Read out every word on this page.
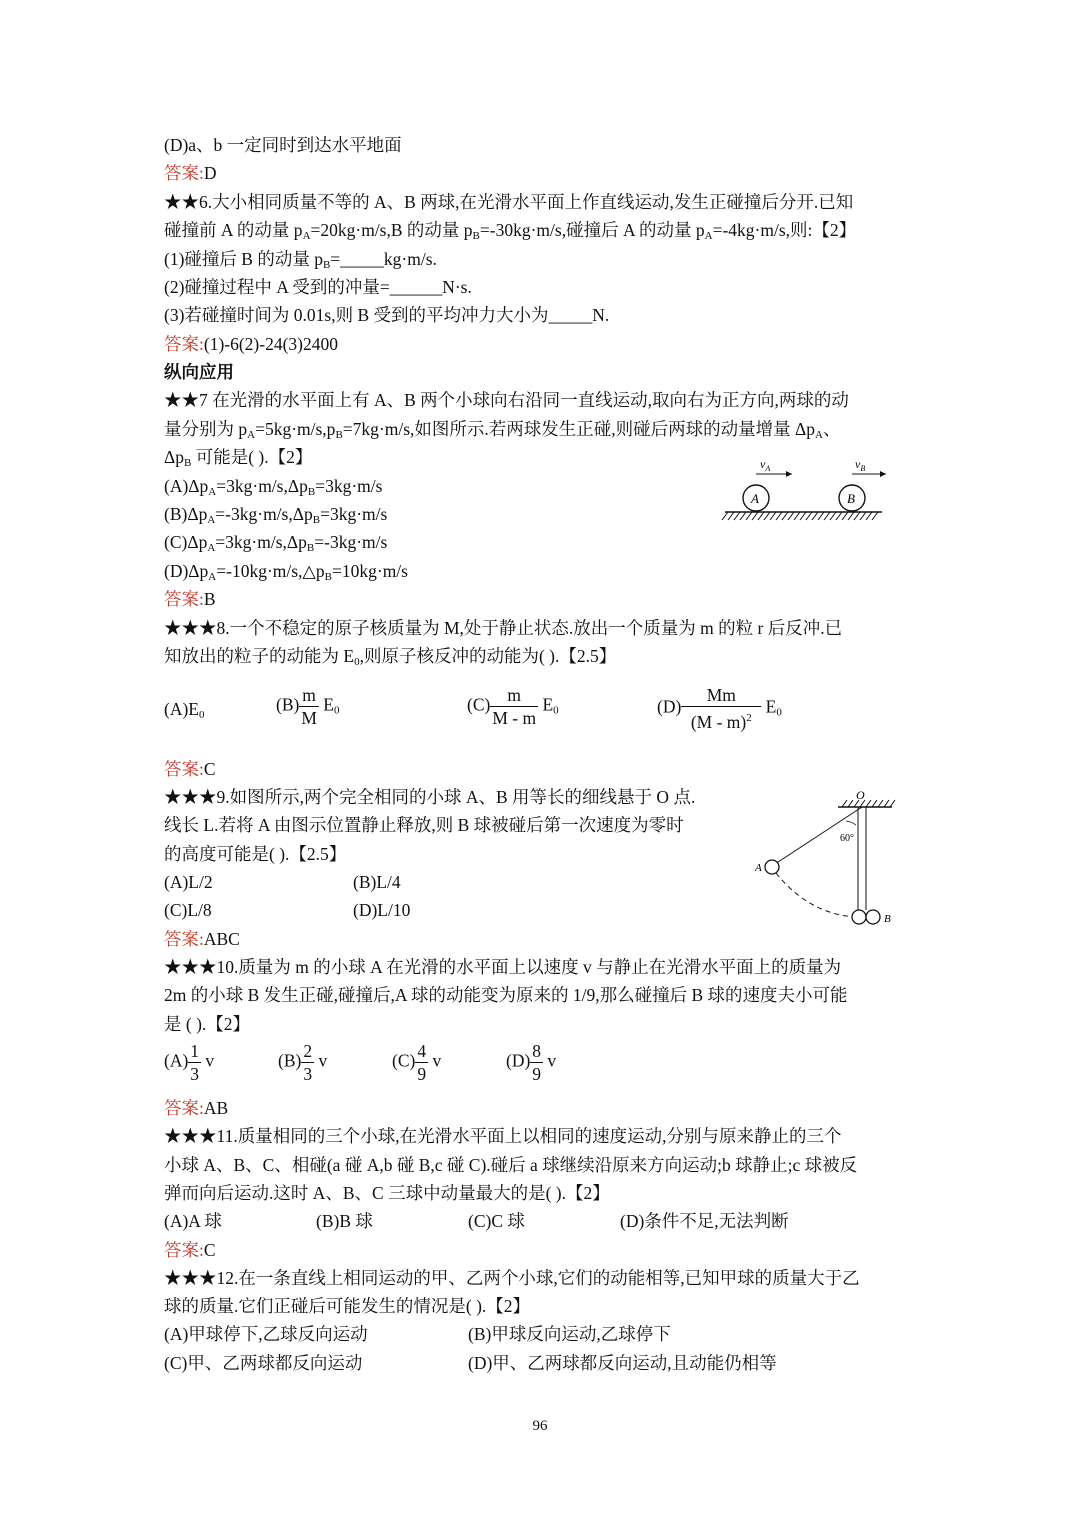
(D)a、b 一定同时到达水平地面
答案:D
★★6.大小相同质量不等的 A、B 两球,在光滑水平面上作直线运动,发生正碰撞后分开.已知
碰撞前 A 的动量 $p_A=20kg\cdot m/s,B$ 的动量 $p_B=-30kg\cdot m/s$,碰撞后 A 的动量 $p_A=-4kg\cdot m/s$,则:【2】
(1)碰撞后 B 的动量 $p_B=\_\_\_\_\_kg\cdot m/s$.
(2)碰撞过程中 A 受到的冲量=______N·s.
(3)若碰撞时间为 0.01s,则 B 受到的平均冲力大小为_____N.
答案:(1)-6(2)-24(3)2400
纵向应用
★★7 在光滑的水平面上有 A、B 两个小球向右沿同一直线运动,取向右为正方向,两球的动
量分别为 $p_A=5kg\cdot m/s,p_B=7kg\cdot m/s$,如图所示.若两球发生正碰,则碰后两球的动量增量 $\Delta p_A$、
$\Delta p_B$ 可能是( ).【2】
$(A)\Delta p_A=3kg\cdot m/s,\Delta p_B=3kg\cdot m/s$
$(B)\Delta p_A=-3kg\cdot m/s,\Delta p_B=3kg\cdot m/s$
$(C)\Delta p_A=3kg\cdot m/s,\Delta p_B=-3kg\cdot m/s$
$(D)\Delta p_A=-10kg\cdot m/s,\triangle p_B=10kg\cdot m/s$
答案:B
$v_A$	$v_B$
A	B
★★★8.一个不稳定的原子核质量为 M,处于静止状态.放出一个质量为 m 的粒 r 后反冲.已
知放出的粒子的动能为 $E_0$,则原子核反冲的动能为( ).【2.5】
$(A)E_0$
$(B) \frac{m}{M} E_0$	$(C) \frac{m}{M - m} E_0$	$(D) \frac{Mm}{(M - m)^2} E_0$
答案:C
★★★9.如图所示,两个完全相同的小球 A、B 用等长的细线悬于 O 点.
线长 L.若将 A 由图示位置静止释放,则 B 球被碰后第一次速度为零时
的高度可能是( ).【2.5】
(A)L/2	(B)L/4
(C)L/8	(D)L/10
答案:ABC
O
60°
A
B
★★★10.质量为 m 的小球 A 在光滑的水平面上以速度 v 与静止在光滑水平面上的质量为
2m 的小球 B 发生正碰,碰撞后,A 球的动能变为原来的 1/9,那么碰撞后 B 球的速度夫小可能
是 ( ).【2】
$(A) \frac{1}{3}$ v	$(B) \frac{2}{3}$ v	$(C) \frac{4}{9}$ v	$(D) \frac{8}{9}$ v
答案:AB
★★★11.质量相同的三个小球,在光滑水平面上以相同的速度运动,分别与原来静止的三个
小球 A、B、C、相碰(a 碰 A,b 碰 B,c 碰 C).碰后 a 球继续沿原来方向运动;b 球静止;c 球被反
弹而向后运动.这时 A、B、C 三球中动量最大的是( ).【2】
(A)A 球	(B)B 球	(C)C 球	(D)条件不足,无法判断
答案:C
★★★12.在一条直线上相同运动的甲、乙两个小球,它们的动能相等,已知甲球的质量大于乙
球的质量.它们正碰后可能发生的情况是( ).【2】
(A)甲球停下,乙球反向运动	(B)甲球反向运动,乙球停下
(C)甲、乙两球都反向运动	(D)甲、乙两球都反向运动,且动能仍相等
96
